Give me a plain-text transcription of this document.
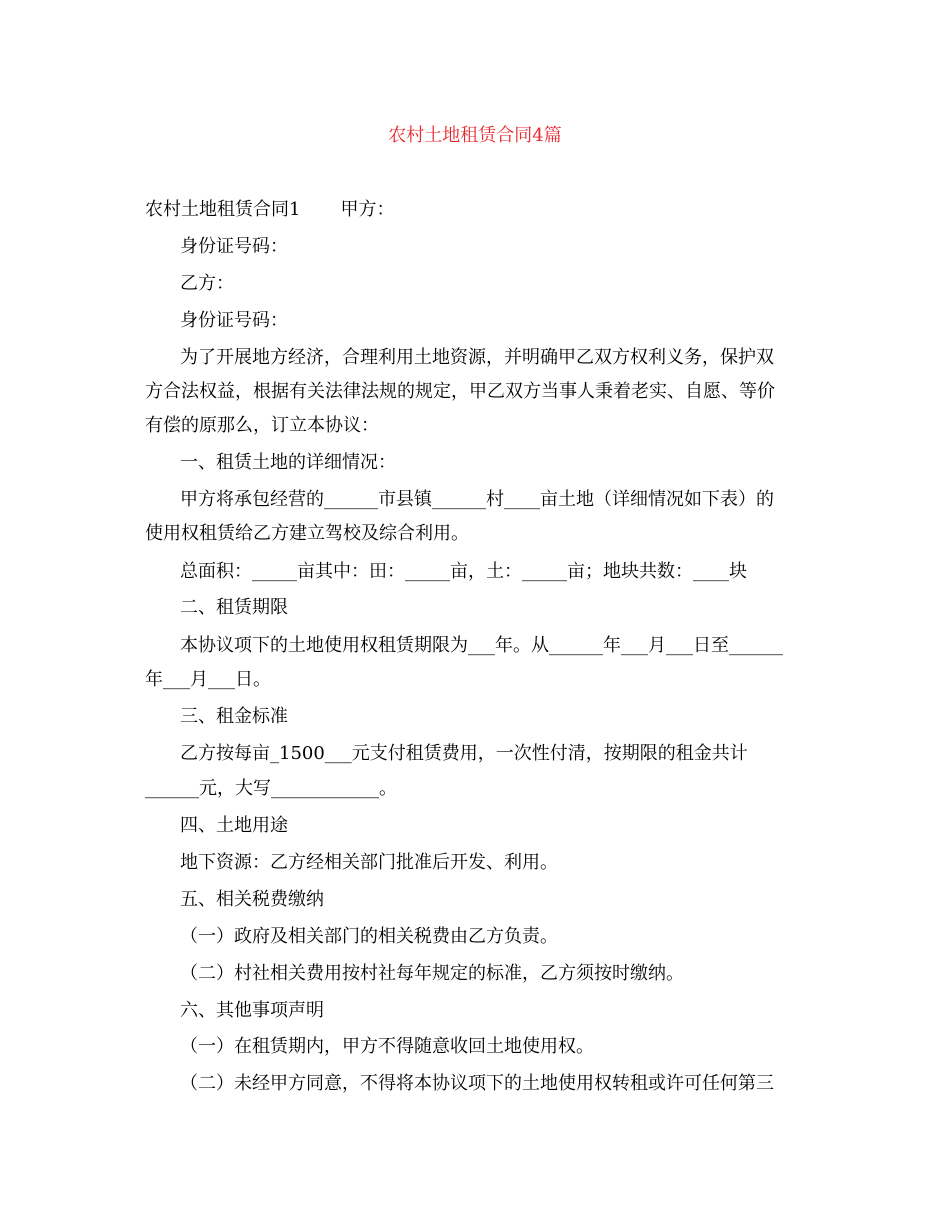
农村土地租赁合同4篇
农村土地租赁合同1 甲方：
身份证号码：
乙方：
身份证号码：
为了开展地方经济，合理利用土地资源，并明确甲乙双方权利义务，保护双
方合法权益，根据有关法律法规的规定，甲乙双方当事人秉着老实、自愿、等价
有偿的原那么，订立本协议：
一、租赁土地的详细情况：
甲方将承包经营的______市县镇______村____亩土地（详细情况如下表）的
使用权租赁给乙方建立驾校及综合利用。
总面积：_____亩其中：田：_____亩，土：_____亩；地块共数：____块
二、租赁期限
本协议项下的土地使用权租赁期限为___年。从______年___月___日至______
年___月___日。
三、租金标准
乙方按每亩_1500___元支付租赁费用，一次性付清，按期限的租金共计
______元，大写____________。
四、土地用途
地下资源：乙方经相关部门批准后开发、利用。
五、相关税费缴纳
（一）政府及相关部门的相关税费由乙方负责。
（二）村社相关费用按村社每年规定的标准，乙方须按时缴纳。
六、其他事项声明
（一）在租赁期内，甲方不得随意收回土地使用权。
（二）未经甲方同意，不得将本协议项下的土地使用权转租或许可任何第三
